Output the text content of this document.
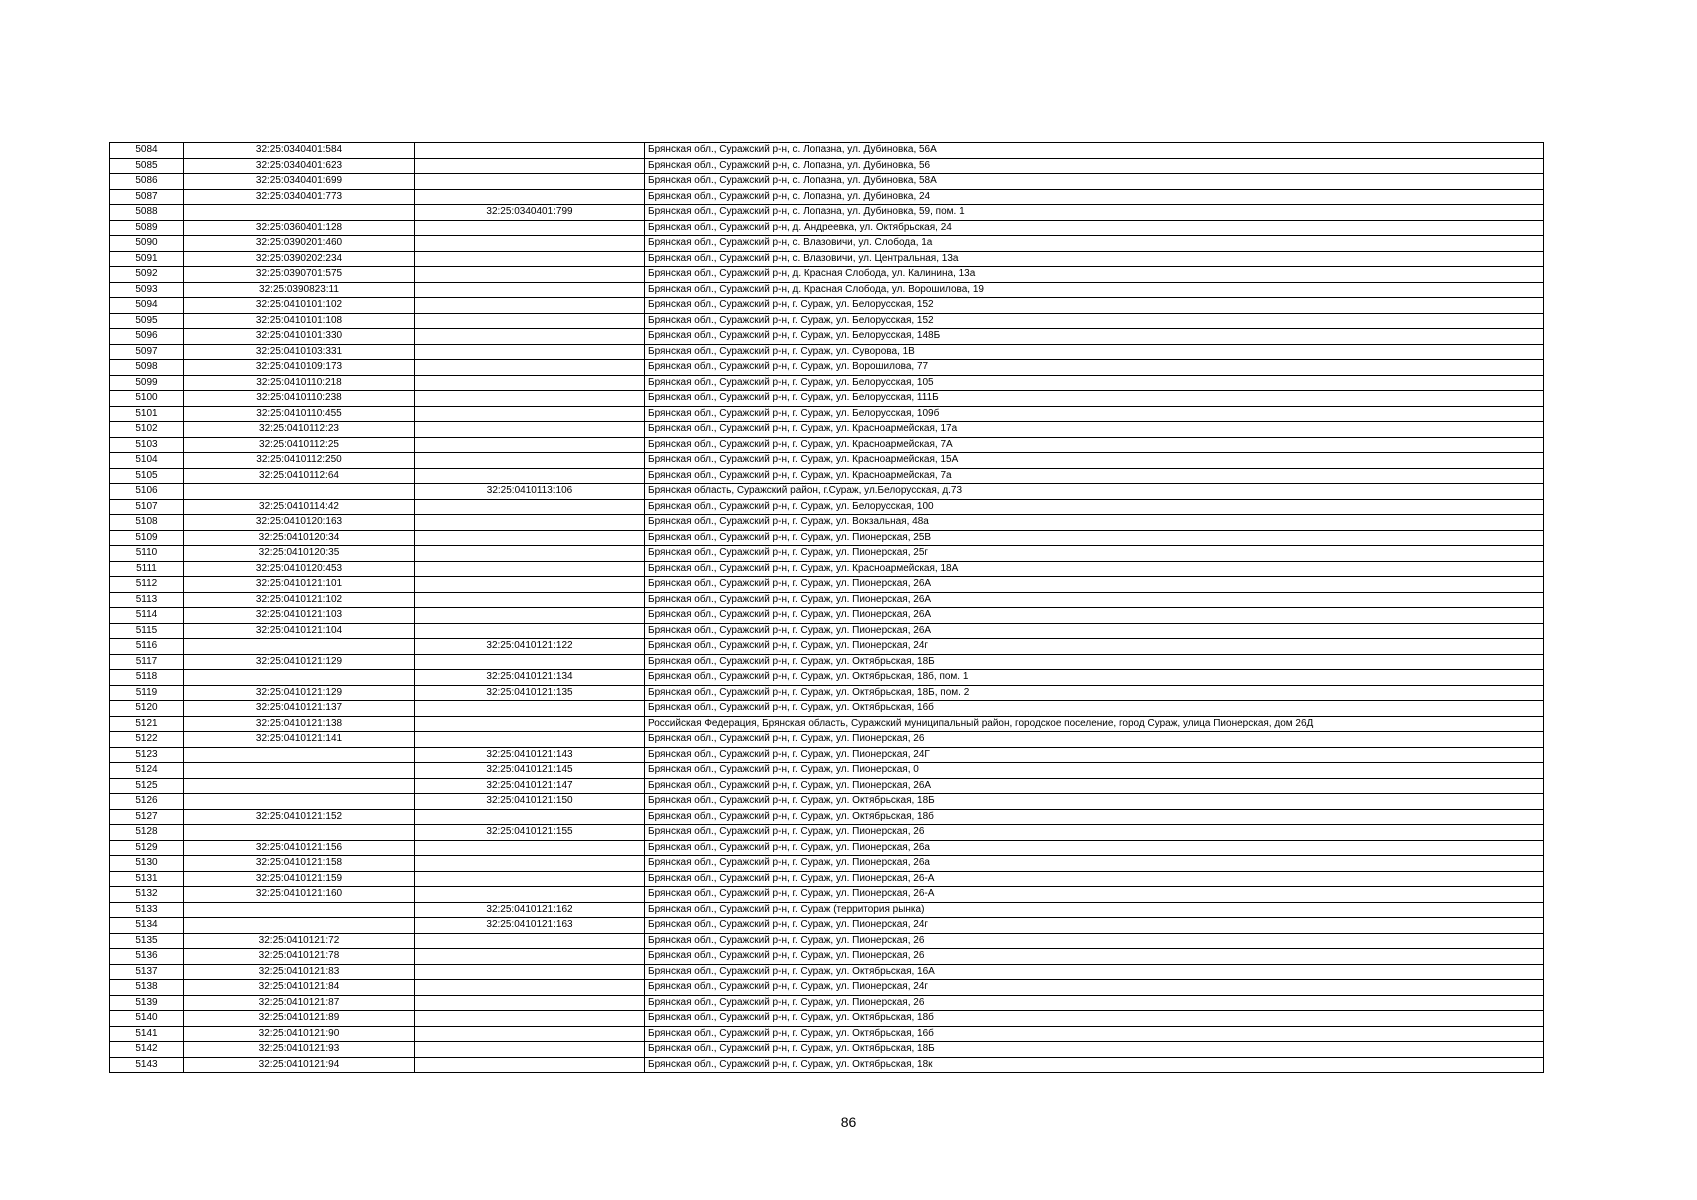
5084	32:25:0340401:584		Брянская обл., Суражский р-н, с. Лопазна, ул. Дубиновка, 56А
5085	32:25:0340401:623		Брянская обл., Суражский р-н, с. Лопазна, ул. Дубиновка, 56
5086	32:25:0340401:699		Брянская обл., Суражский р-н, с. Лопазна, ул. Дубиновка, 58А
5087	32:25:0340401:773		Брянская обл., Суражский р-н, с. Лопазна, ул. Дубиновка, 24
5088		32:25:0340401:799	Брянская обл., Суражский р-н, с. Лопазна, ул. Дубиновка, 59, пом. 1
5089	32:25:0360401:128		Брянская обл., Суражский р-н, д. Андреевка, ул. Октябрьская, 24
5090	32:25:0390201:460		Брянская обл., Суражский р-н, с. Влазовичи, ул. Слобода, 1а
5091	32:25:0390202:234		Брянская обл., Суражский р-н, с. Влазовичи, ул. Центральная, 13а
5092	32:25:0390701:575		Брянская обл., Суражский р-н, д. Красная Слобода, ул. Калинина, 13а
5093	32:25:0390823:11		Брянская обл., Суражский р-н, д. Красная Слобода, ул. Ворошилова, 19
5094	32:25:0410101:102		Брянская обл., Суражский р-н, г. Сураж, ул. Белорусская, 152
5095	32:25:0410101:108		Брянская обл., Суражский р-н, г. Сураж, ул. Белорусская, 152
5096	32:25:0410101:330		Брянская обл., Суражский р-н, г. Сураж, ул. Белорусская, 148Б
5097	32:25:0410103:331		Брянская обл., Суражский р-н, г. Сураж, ул. Суворова, 1В
5098	32:25:0410109:173		Брянская обл., Суражский р-н, г. Сураж, ул. Ворошилова, 77
5099	32:25:0410110:218		Брянская обл., Суражский р-н, г. Сураж, ул. Белорусская, 105
5100	32:25:0410110:238		Брянская обл., Суражский р-н, г. Сураж, ул. Белорусская, 111Б
5101	32:25:0410110:455		Брянская обл., Суражский р-н, г. Сураж, ул. Белорусская, 109б
5102	32:25:0410112:23		Брянская обл., Суражский р-н, г. Сураж, ул. Красноармейская, 17а
5103	32:25:0410112:25		Брянская обл., Суражский р-н, г. Сураж, ул. Красноармейская, 7А
5104	32:25:0410112:250		Брянская обл., Суражский р-н, г. Сураж, ул. Красноармейская, 15А
5105	32:25:0410112:64		Брянская обл., Суражский р-н, г. Сураж, ул. Красноармейская, 7а
5106		32:25:0410113:106	Брянская область, Суражский район, г.Сураж, ул.Белорусская, д.73
5107	32:25:0410114:42		Брянская обл., Суражский р-н, г. Сураж, ул. Белорусская, 100
5108	32:25:0410120:163		Брянская обл., Суражский р-н, г. Сураж, ул. Вокзальная, 48а
5109	32:25:0410120:34		Брянская обл., Суражский р-н, г. Сураж, ул. Пионерская, 25В
5110	32:25:0410120:35		Брянская обл., Суражский р-н, г. Сураж, ул. Пионерская, 25г
5111	32:25:0410120:453		Брянская обл., Суражский р-н, г. Сураж, ул. Красноармейская, 18А
5112	32:25:0410121:101		Брянская обл., Суражский р-н, г. Сураж, ул. Пионерская, 26А
5113	32:25:0410121:102		Брянская обл., Суражский р-н, г. Сураж, ул. Пионерская, 26А
5114	32:25:0410121:103		Брянская обл., Суражский р-н, г. Сураж, ул. Пионерская, 26А
5115	32:25:0410121:104		Брянская обл., Суражский р-н, г. Сураж, ул. Пионерская, 26А
5116		32:25:0410121:122	Брянская обл., Суражский р-н, г. Сураж, ул. Пионерская, 24г
5117	32:25:0410121:129		Брянская обл., Суражский р-н, г. Сураж, ул. Октябрьская, 18Б
5118		32:25:0410121:134	Брянская обл., Суражский р-н, г. Сураж, ул. Октябрьская, 18б, пом. 1
5119	32:25:0410121:129	32:25:0410121:135	Брянская обл., Суражский р-н, г. Сураж, ул. Октябрьская, 18Б, пом. 2
5120	32:25:0410121:137		Брянская обл., Суражский р-н, г. Сураж, ул. Октябрьская, 16б
5121	32:25:0410121:138		Российская Федерация, Брянская область, Суражский муниципальный район, городское поселение, город Сураж, улица Пионерская, дом 26Д
5122	32:25:0410121:141		Брянская обл., Суражский р-н, г. Сураж, ул. Пионерская, 26
5123		32:25:0410121:143	Брянская обл., Суражский р-н, г. Сураж, ул. Пионерская, 24Г
5124		32:25:0410121:145	Брянская обл., Суражский р-н, г. Сураж, ул. Пионерская, 0
5125		32:25:0410121:147	Брянская обл., Суражский р-н, г. Сураж, ул. Пионерская, 26А
5126		32:25:0410121:150	Брянская обл., Суражский р-н, г. Сураж, ул. Октябрьская, 18Б
5127	32:25:0410121:152		Брянская обл., Суражский р-н, г. Сураж, ул. Октябрьская, 18б
5128		32:25:0410121:155	Брянская обл., Суражский р-н, г. Сураж, ул. Пионерская, 26
5129	32:25:0410121:156		Брянская обл., Суражский р-н, г. Сураж, ул. Пионерская, 26а
5130	32:25:0410121:158		Брянская обл., Суражский р-н, г. Сураж, ул. Пионерская, 26а
5131	32:25:0410121:159		Брянская обл., Суражский р-н, г. Сураж, ул. Пионерская, 26-А
5132	32:25:0410121:160		Брянская обл., Суражский р-н, г. Сураж, ул. Пионерская, 26-А
5133		32:25:0410121:162	Брянская обл., Суражский р-н, г. Сураж (территория рынка)
5134		32:25:0410121:163	Брянская обл., Суражский р-н, г. Сураж, ул. Пионерская, 24г
5135	32:25:0410121:72		Брянская обл., Суражский р-н, г. Сураж, ул. Пионерская, 26
5136	32:25:0410121:78		Брянская обл., Суражский р-н, г. Сураж, ул. Пионерская, 26
5137	32:25:0410121:83		Брянская обл., Суражский р-н, г. Сураж, ул. Октябрьская, 16А
5138	32:25:0410121:84		Брянская обл., Суражский р-н, г. Сураж, ул. Пионерская, 24г
5139	32:25:0410121:87		Брянская обл., Суражский р-н, г. Сураж, ул. Пионерская, 26
5140	32:25:0410121:89		Брянская обл., Суражский р-н, г. Сураж, ул. Октябрьская, 18б
5141	32:25:0410121:90		Брянская обл., Суражский р-н, г. Сураж, ул. Октябрьская, 16б
5142	32:25:0410121:93		Брянская обл., Суражский р-н, г. Сураж, ул. Октябрьская, 18Б
5143	32:25:0410121:94		Брянская обл., Суражский р-н, г. Сураж, ул. Октябрьская, 18к
86
